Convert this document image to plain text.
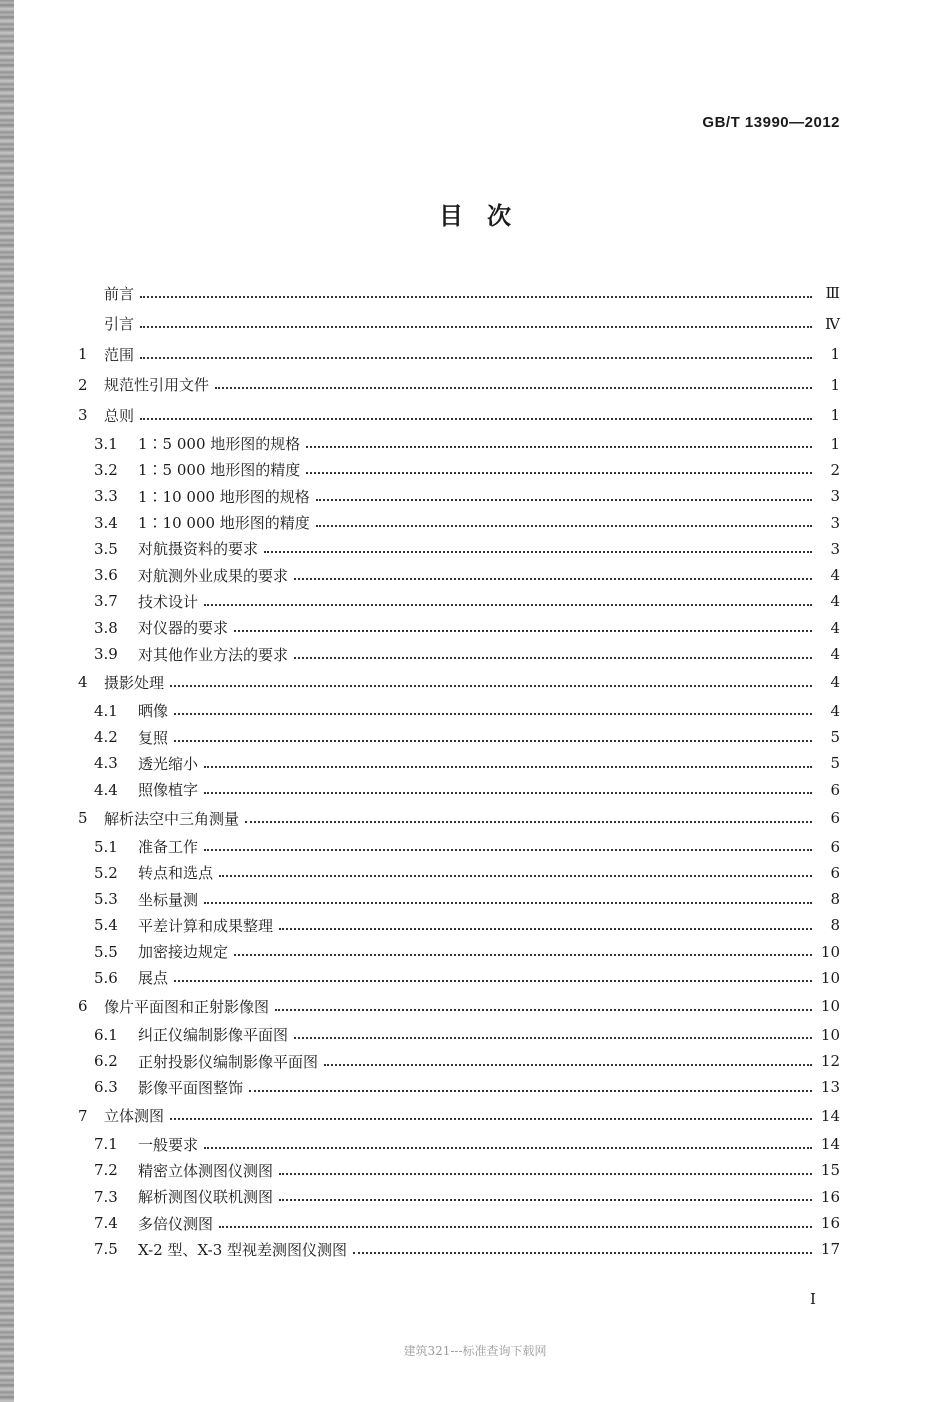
GB/T 13990—2012
目　次
前言	Ⅲ
引言	Ⅳ
1	范围	1
2	规范性引用文件	1
3	总则	1
3.1	1∶5 000 地形图的规格	1
3.2	1∶5 000 地形图的精度	2
3.3	1∶10 000 地形图的规格	3
3.4	1∶10 000 地形图的精度	3
3.5	对航摄资料的要求	3
3.6	对航测外业成果的要求	4
3.7	技术设计	4
3.8	对仪器的要求	4
3.9	对其他作业方法的要求	4
4	摄影处理	4
4.1	晒像	4
4.2	复照	5
4.3	透光缩小	5
4.4	照像植字	6
5	解析法空中三角测量	6
5.1	准备工作	6
5.2	转点和选点	6
5.3	坐标量测	8
5.4	平差计算和成果整理	8
5.5	加密接边规定	10
5.6	展点	10
6	像片平面图和正射影像图	10
6.1	纠正仪编制影像平面图	10
6.2	正射投影仪编制影像平面图	12
6.3	影像平面图整饰	13
7	立体测图	14
7.1	一般要求	14
7.2	精密立体测图仪测图	15
7.3	解析测图仪联机测图	16
7.4	多倍仪测图	16
7.5	X-2 型、X-3 型视差测图仪测图	17
Ⅰ
建筑321---标准查询下载网
